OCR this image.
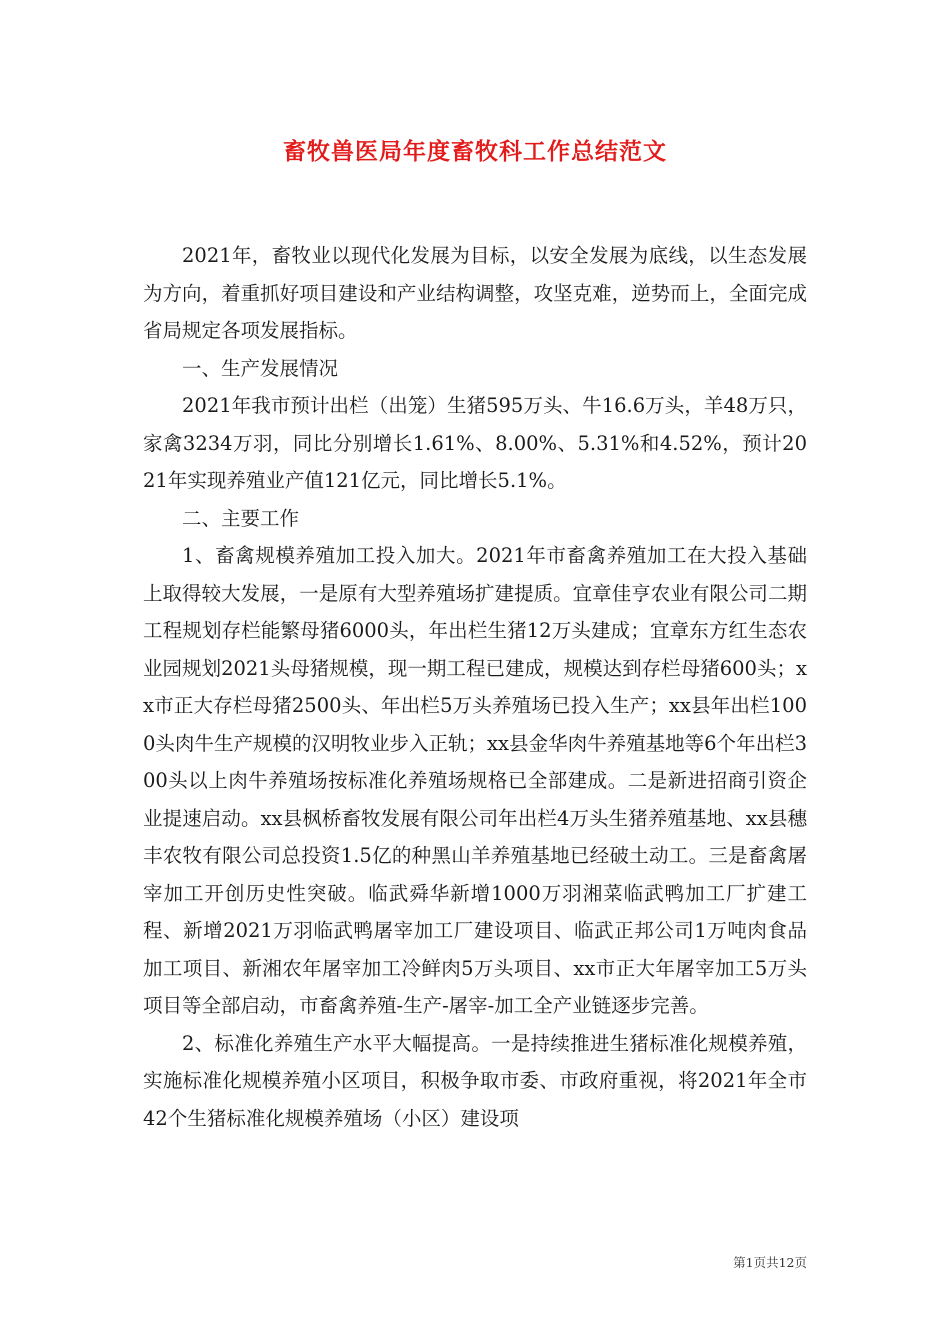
畜牧兽医局年度畜牧科工作总结范文

2021年，畜牧业以现代化发展为目标，以安全发展为底线，以生态发展为方向，着重抓好项目建设和产业结构调整，攻坚克难，逆势而上，全面完成省局规定各项发展指标。

一、生产发展情况

2021年我市预计出栏（出笼）生猪595万头、牛16.6万头，羊48万只，家禽3234万羽，同比分别增长1.61%、8.00%、5.31%和4.52%，预计2021年实现养殖业产值121亿元，同比增长5.1%。

二、主要工作

1、畜禽规模养殖加工投入加大。2021年市畜禽养殖加工在大投入基础上取得较大发展，一是原有大型养殖场扩建提质。宜章佳亨农业有限公司二期工程规划存栏能繁母猪6000头，年出栏生猪12万头建成；宜章东方红生态农业园规划2021头母猪规模，现一期工程已建成，规模达到存栏母猪600头；xx市正大存栏母猪2500头、年出栏5万头养殖场已投入生产；xx县年出栏1000头肉牛生产规模的汉明牧业步入正轨；xx县金华肉牛养殖基地等6个年出栏300头以上肉牛养殖场按标准化养殖场规格已全部建成。二是新进招商引资企业提速启动。xx县枫桥畜牧发展有限公司年出栏4万头生猪养殖基地、xx县穗丰农牧有限公司总投资1.5亿的种黑山羊养殖基地已经破土动工。三是畜禽屠宰加工开创历史性突破。临武舜华新增1000万羽湘菜临武鸭加工厂扩建工程、新增2021万羽临武鸭屠宰加工厂建设项目、临武正邦公司1万吨肉食品加工项目、新湘农年屠宰加工冷鲜肉5万头项目、xx市正大年屠宰加工5万头项目等全部启动，市畜禽养殖-生产-屠宰-加工全产业链逐步完善。

2、标准化养殖生产水平大幅提高。一是持续推进生猪标准化规模养殖，实施标准化规模养殖小区项目，积极争取市委、市政府重视，将2021年全市42个生猪标准化规模养殖场（小区）建设项

第1页共12页
